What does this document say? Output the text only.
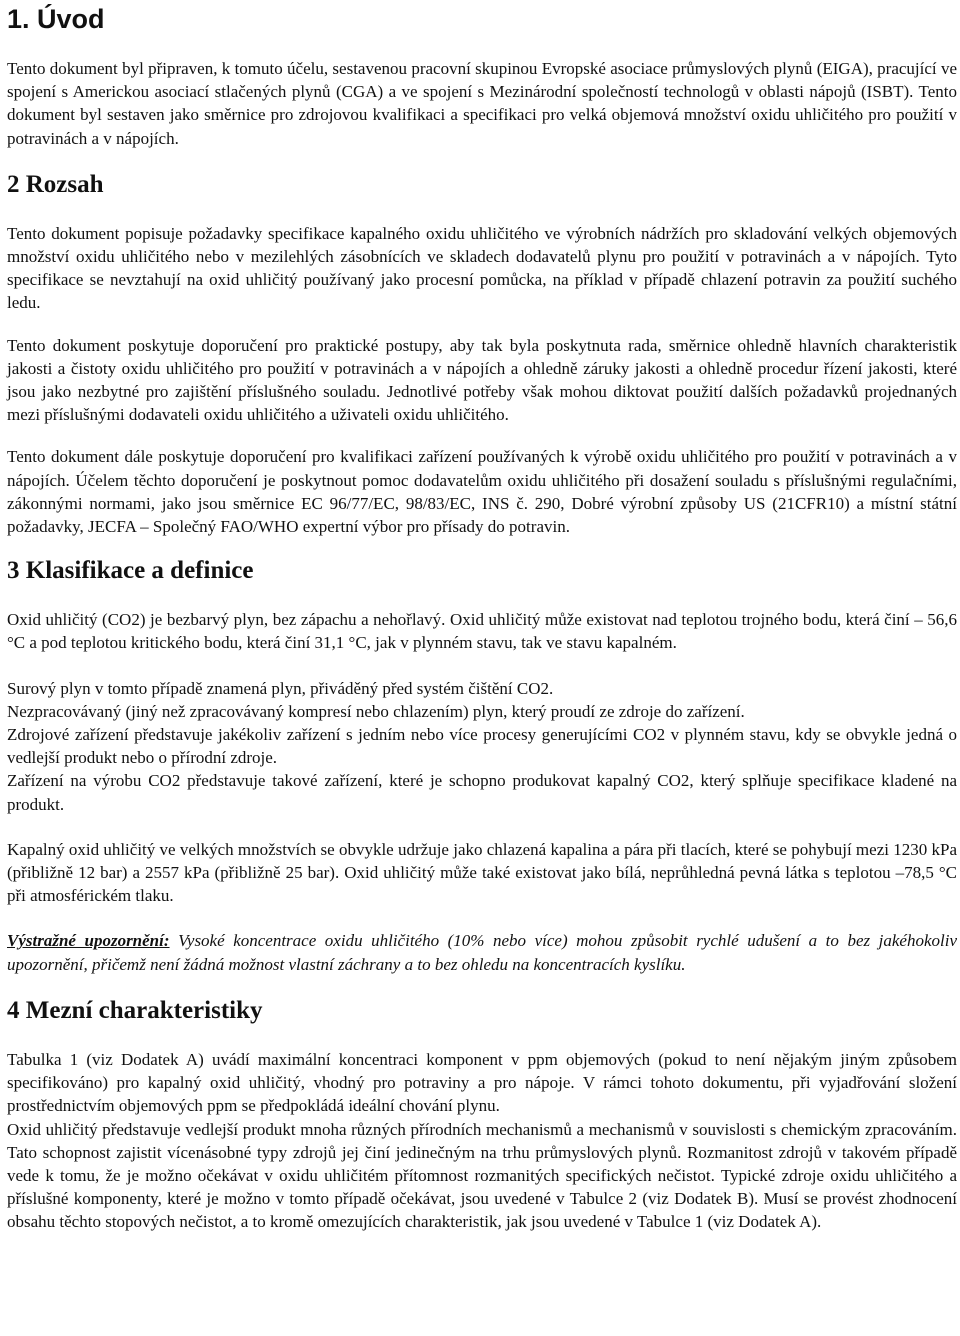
1. Úvod

Tento dokument byl připraven, k tomuto účelu, sestavenou pracovní skupinou Evropské asociace průmyslových plynů (EIGA), pracující ve spojení s Americkou asociací stlačených plynů (CGA) a ve spojení s Mezinárodní společností technologů v oblasti nápojů (ISBT). Tento dokument byl sestaven jako směrnice pro zdrojovou kvalifikaci a specifikaci pro velká objemová množství oxidu uhličitého pro použití v potravinách a v nápojích.

2 Rozsah

Tento dokument popisuje požadavky specifikace kapalného oxidu uhličitého ve výrobních nádržích pro skladování velkých objemových množství oxidu uhličitého nebo v mezilehlých zásobnících ve skladech dodavatelů plynu pro použití v potravinách a v nápojích. Tyto specifikace se nevztahují na oxid uhličitý používaný jako procesní pomůcka, na příklad v případě chlazení potravin za použití suchého ledu.

Tento dokument poskytuje doporučení pro praktické postupy, aby tak byla poskytnuta rada, směrnice ohledně hlavních charakteristik jakosti a čistoty oxidu uhličitého pro použití v potravinách a v nápojích a ohledně záruky jakosti a ohledně procedur řízení jakosti, které jsou jako nezbytné pro zajištění příslušného souladu. Jednotlivé potřeby však mohou diktovat použití dalších požadavků projednaných mezi příslušnými dodavateli oxidu uhličitého a uživateli oxidu uhličitého.

Tento dokument dále poskytuje doporučení pro kvalifikaci zařízení používaných k výrobě oxidu uhličitého pro použití v potravinách a v nápojích. Účelem těchto doporučení je poskytnout pomoc dodavatelům oxidu uhličitého při dosažení souladu s příslušnými regulačními, zákonnými normami, jako jsou směrnice EC 96/77/EC, 98/83/EC, INS č. 290, Dobré výrobní způsoby US (21CFR10) a místní státní požadavky, JECFA – Společný FAO/WHO expertní výbor pro přísady do potravin.

3 Klasifikace a definice

Oxid uhličitý (CO2) je bezbarvý plyn, bez zápachu a nehořlavý. Oxid uhličitý může existovat nad teplotou trojného bodu, která činí – 56,6 °C a pod teplotou kritického bodu, která činí 31,1 °C, jak v plynném stavu, tak ve stavu kapalném.

Surový plyn v tomto případě znamená plyn, přiváděný před systém čištění CO2.

Nezpracovávaný (jiný než zpracovávaný kompresí nebo chlazením) plyn, který proudí ze zdroje do zařízení.

Zdrojové zařízení představuje jakékoliv zařízení s jedním nebo více procesy generujícími CO2 v plynném stavu, kdy se obvykle jedná o vedlejší produkt nebo o přírodní zdroje.

Zařízení na výrobu CO2 představuje takové zařízení, které je schopno produkovat kapalný CO2, který splňuje specifikace kladené na produkt.

Kapalný oxid uhličitý ve velkých množstvích se obvykle udržuje jako chlazená kapalina a pára při tlacích, které se pohybují mezi 1230 kPa (přibližně 12 bar) a 2557 kPa (přibližně 25 bar). Oxid uhličitý může také existovat jako bílá, neprůhledná pevná látka s teplotou –78,5 °C při atmosférickém tlaku.

Výstražné upozornění: Vysoké koncentrace oxidu uhličitého (10% nebo více) mohou způsobit rychlé udušení a to bez jakéhokoliv upozornění, přičemž není žádná možnost vlastní záchrany a to bez ohledu na koncentracích kyslíku.

4 Mezní charakteristiky

Tabulka 1 (viz Dodatek A) uvádí maximální koncentraci komponent v ppm objemových (pokud to není nějakým jiným způsobem specifikováno) pro kapalný oxid uhličitý, vhodný pro potraviny a pro nápoje. V rámci tohoto dokumentu, při vyjadřování složení prostřednictvím objemových ppm se předpokládá ideální chování plynu.

Oxid uhličitý představuje vedlejší produkt mnoha různých přírodních mechanismů a mechanismů v souvislosti s chemickým zpracováním. Tato schopnost zajistit vícenásobné typy zdrojů jej činí jedinečným na trhu průmyslových plynů. Rozmanitost zdrojů v takovém případě vede k tomu, že je možno očekávat v oxidu uhličitém přítomnost rozmanitých specifických nečistot. Typické zdroje oxidu uhličitého a příslušné komponenty, které je možno v tomto případě očekávat, jsou uvedené v Tabulce 2 (viz Dodatek B). Musí se provést zhodnocení obsahu těchto stopových nečistot, a to kromě omezujících charakteristik, jak jsou uvedené v Tabulce 1 (viz Dodatek A).
